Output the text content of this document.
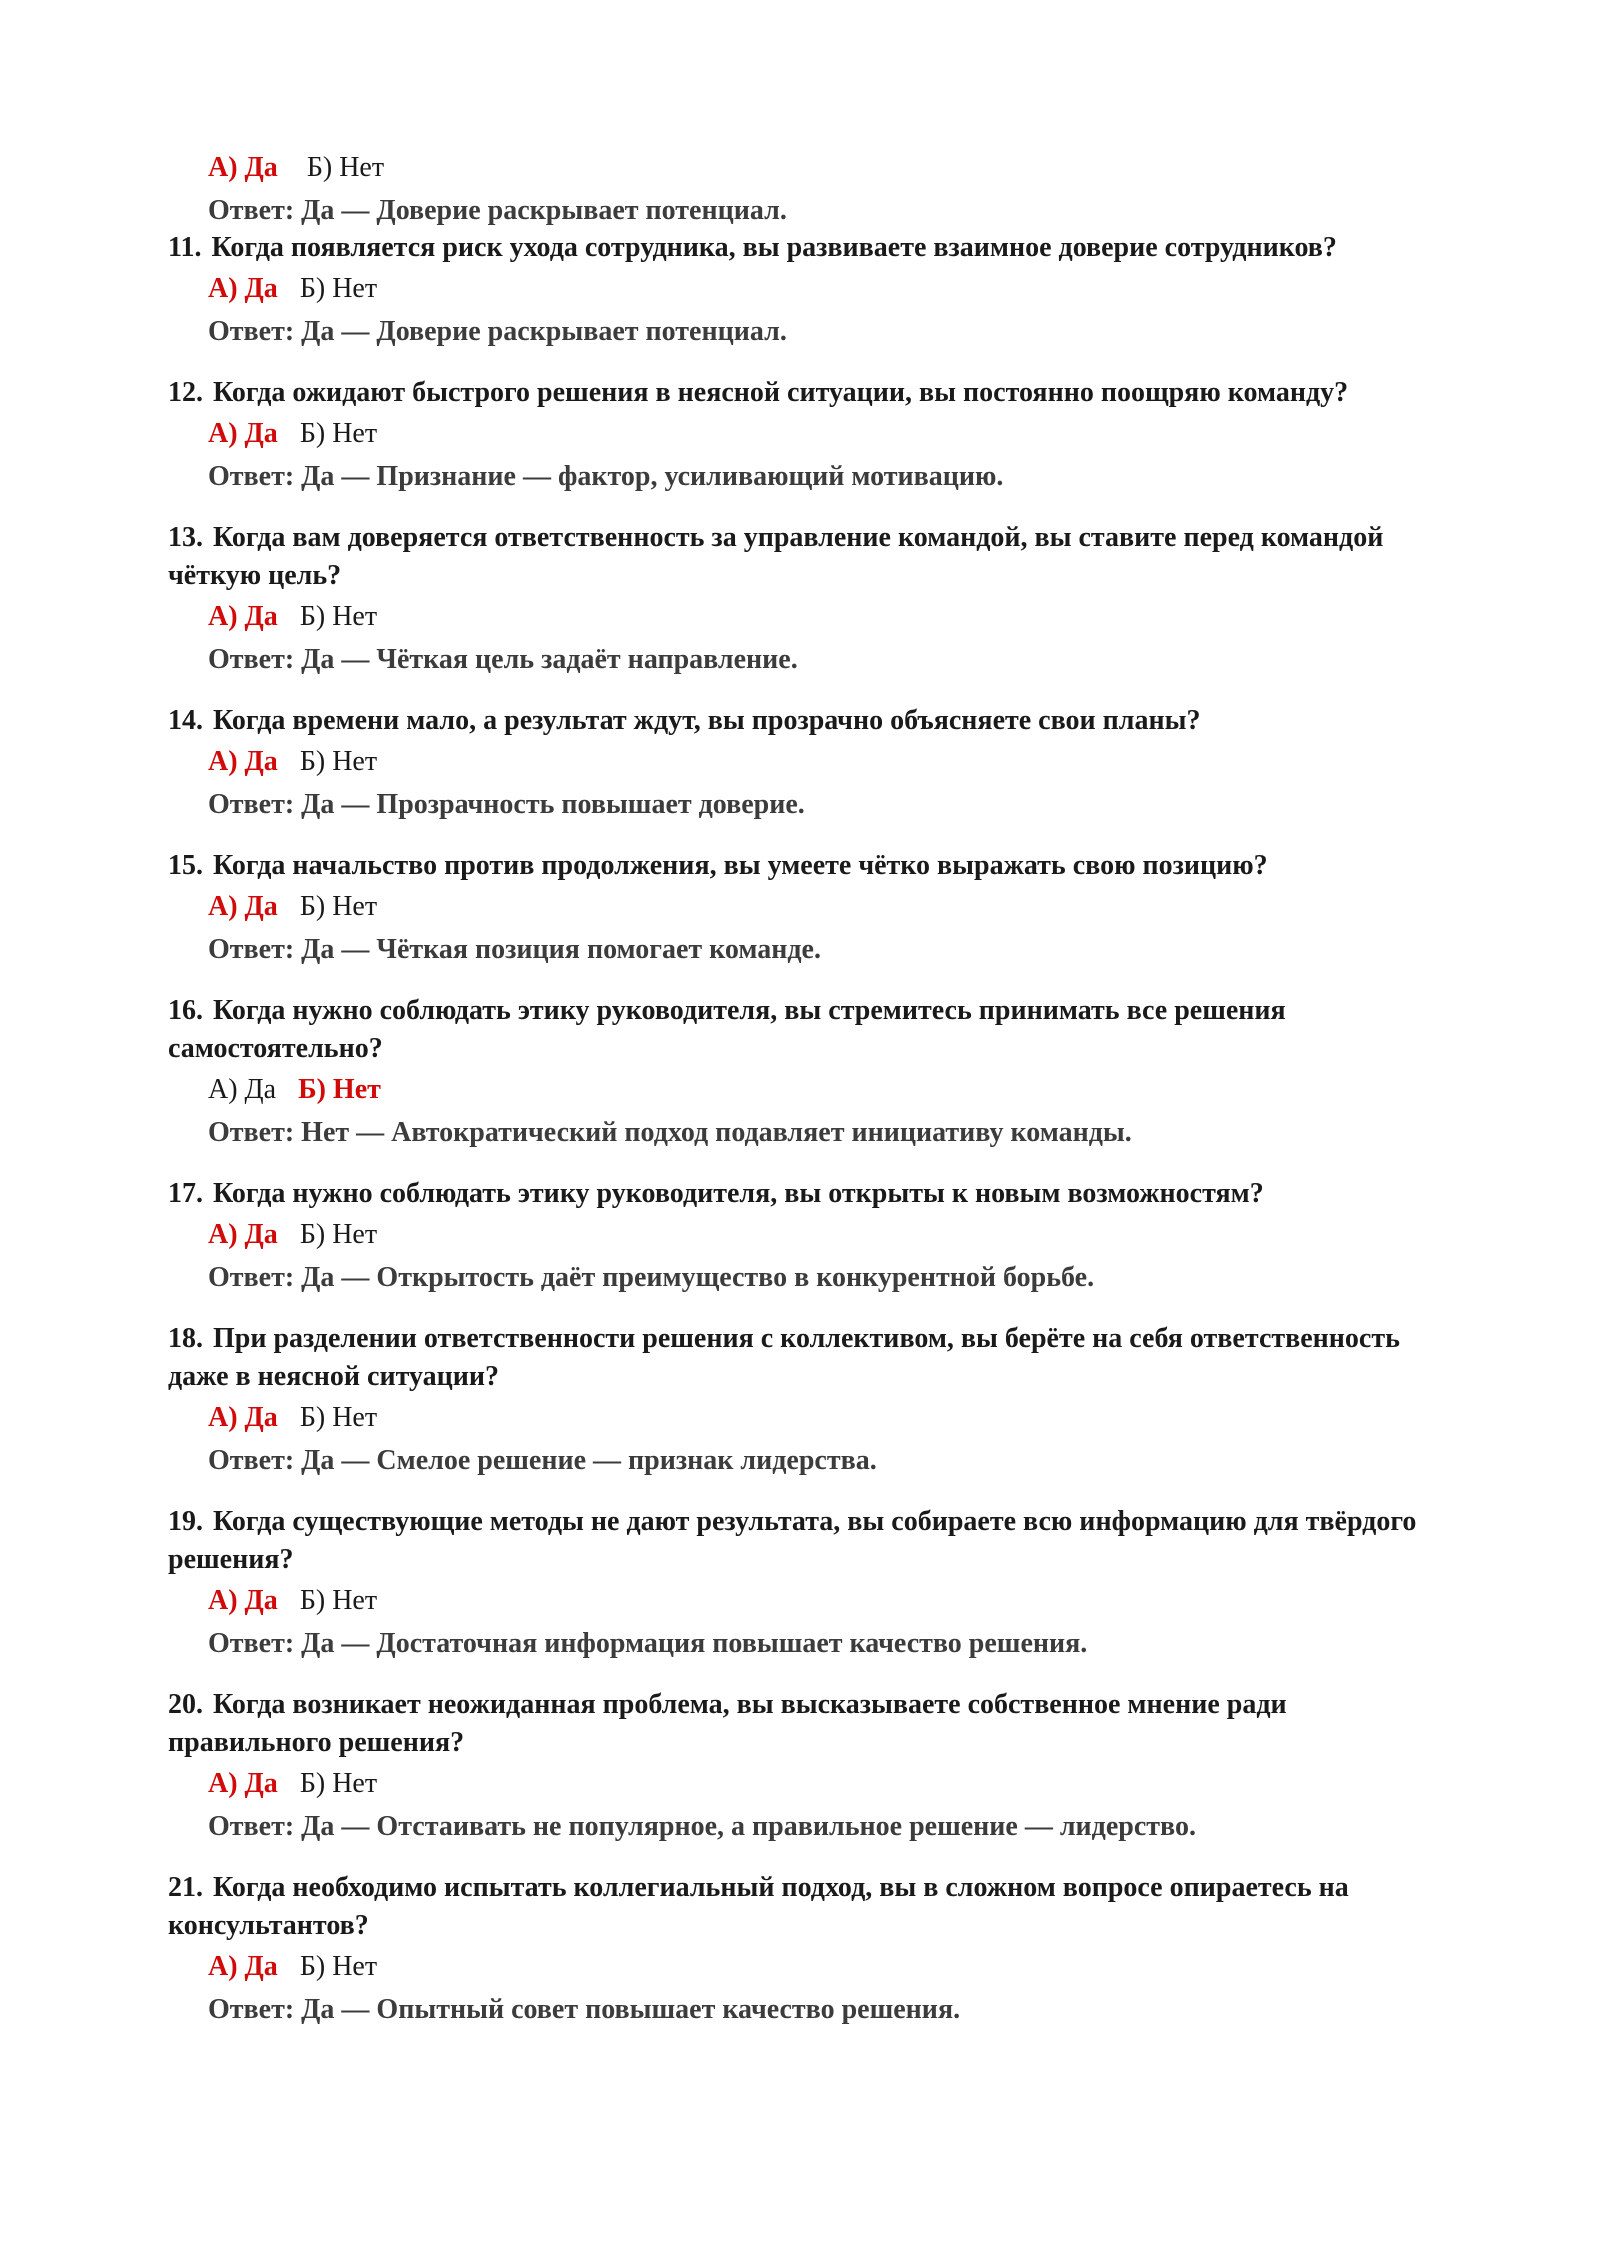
А) Да Б) Нет
Ответ: Да — Доверие раскрывает потенциал.
11. Когда появляется риск ухода сотрудника, вы развиваете взаимное доверие сотрудников?
А) Да Б) Нет
Ответ: Да — Доверие раскрывает потенциал.
12. Когда ожидают быстрого решения в неясной ситуации, вы постоянно поощряю команду?
А) Да Б) Нет
Ответ: Да — Признание — фактор, усиливающий мотивацию.
13. Когда вам доверяется ответственность за управление командой, вы ставите перед командой чёткую цель?
А) Да Б) Нет
Ответ: Да — Чёткая цель задаёт направление.
14. Когда времени мало, а результат ждут, вы прозрачно объясняете свои планы?
А) Да Б) Нет
Ответ: Да — Прозрачность повышает доверие.
15. Когда начальство против продолжения, вы умеете чётко выражать свою позицию?
А) Да Б) Нет
Ответ: Да — Чёткая позиция помогает команде.
16. Когда нужно соблюдать этику руководителя, вы стремитесь принимать все решения самостоятельно?
А) Да Б) Нет
Ответ: Нет — Автократический подход подавляет инициативу команды.
17. Когда нужно соблюдать этику руководителя, вы открыты к новым возможностям?
А) Да Б) Нет
Ответ: Да — Открытость даёт преимущество в конкурентной борьбе.
18. При разделении ответственности решения с коллективом, вы берёте на себя ответственность даже в неясной ситуации?
А) Да Б) Нет
Ответ: Да — Смелое решение — признак лидерства.
19. Когда существующие методы не дают результата, вы собираете всю информацию для твёрдого решения?
А) Да Б) Нет
Ответ: Да — Достаточная информация повышает качество решения.
20. Когда возникает неожиданная проблема, вы высказываете собственное мнение ради правильного решения?
А) Да Б) Нет
Ответ: Да — Отстаивать не популярное, а правильное решение — лидерство.
21. Когда необходимо испытать коллегиальный подход, вы в сложном вопросе опираетесь на консультантов?
А) Да Б) Нет
Ответ: Да — Опытный совет повышает качество решения.
